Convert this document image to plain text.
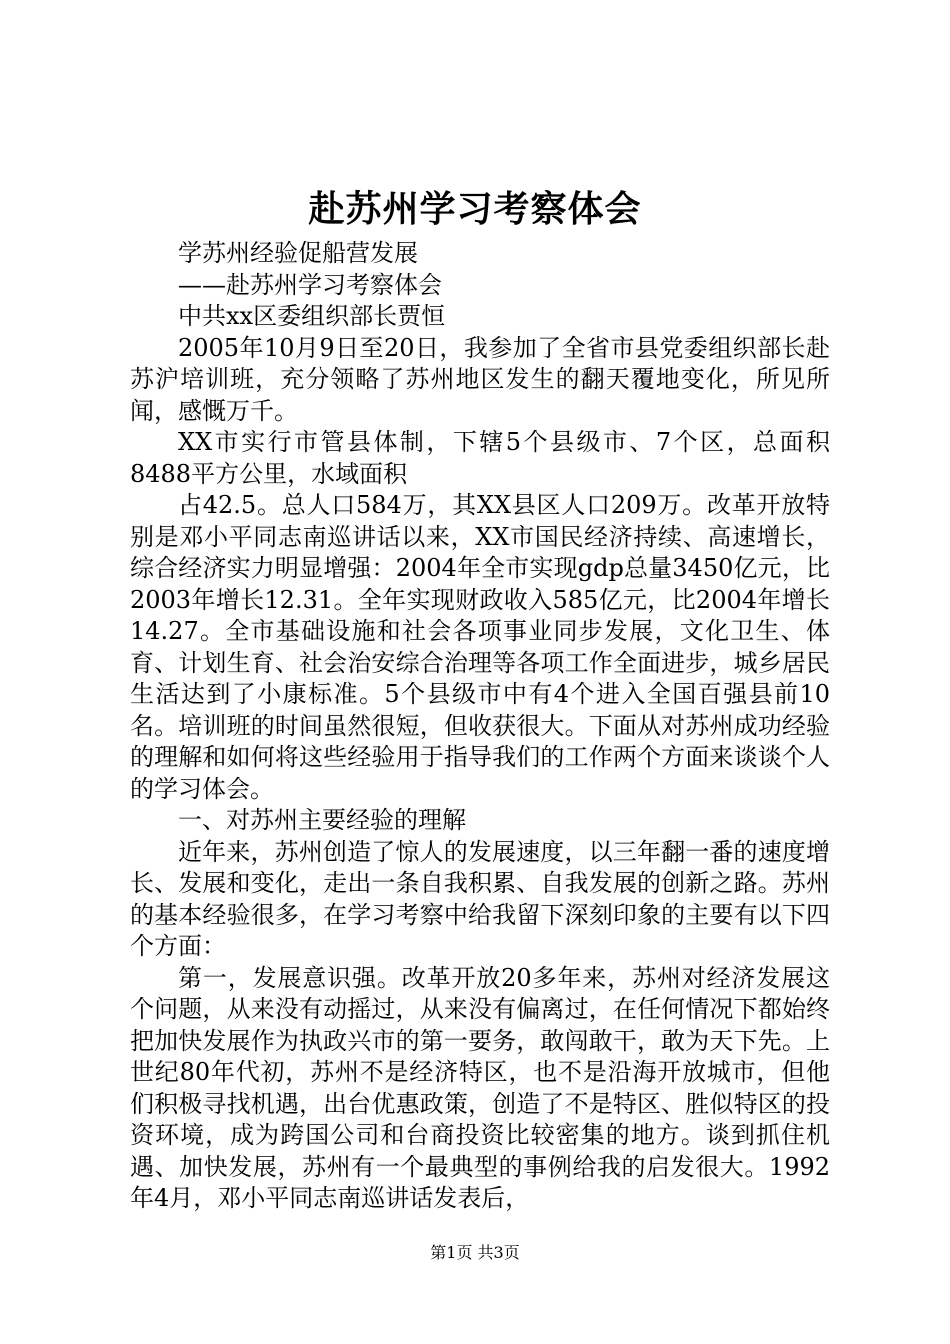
赴苏州学习考察体会

学苏州经验促船营发展

——赴苏州学习考察体会

中共xx区委组织部长贾恒

2005年10月9日至20日，我参加了全省市县党委组织部长赴苏沪培训班，充分领略了苏州地区发生的翻天覆地变化，所见所闻，感慨万千。

XX市实行市管县体制，下辖5个县级市、7个区，总面积8488平方公里，水域面积

占42.5。总人口584万，其XX县区人口209万。改革开放特别是邓小平同志南巡讲话以来，XX市国民经济持续、高速增长，综合经济实力明显增强：2004年全市实现gdp总量3450亿元，比2003年增长12.31。全年实现财政收入585亿元，比2004年增长14.27。全市基础设施和社会各项事业同步发展，文化卫生、体育、计划生育、社会治安综合治理等各项工作全面进步，城乡居民生活达到了小康标准。5个县级市中有4个进入全国百强县前10名。培训班的时间虽然很短，但收获很大。下面从对苏州成功经验的理解和如何将这些经验用于指导我们的工作两个方面来谈谈个人的学习体会。

一、对苏州主要经验的理解

近年来，苏州创造了惊人的发展速度，以三年翻一番的速度增长、发展和变化，走出一条自我积累、自我发展的创新之路。苏州的基本经验很多，在学习考察中给我留下深刻印象的主要有以下四个方面：

第一，发展意识强。改革开放20多年来，苏州对经济发展这个问题，从来没有动摇过，从来没有偏离过，在任何情况下都始终把加快发展作为执政兴市的第一要务，敢闯敢干，敢为天下先。上世纪80年代初，苏州不是经济特区，也不是沿海开放城市，但他们积极寻找机遇，出台优惠政策，创造了不是特区、胜似特区的投资环境，成为跨国公司和台商投资比较密集的地方。谈到抓住机遇、加快发展，苏州有一个最典型的事例给我的启发很大。1992年4月，邓小平同志南巡讲话发表后，

第1页 共3页
